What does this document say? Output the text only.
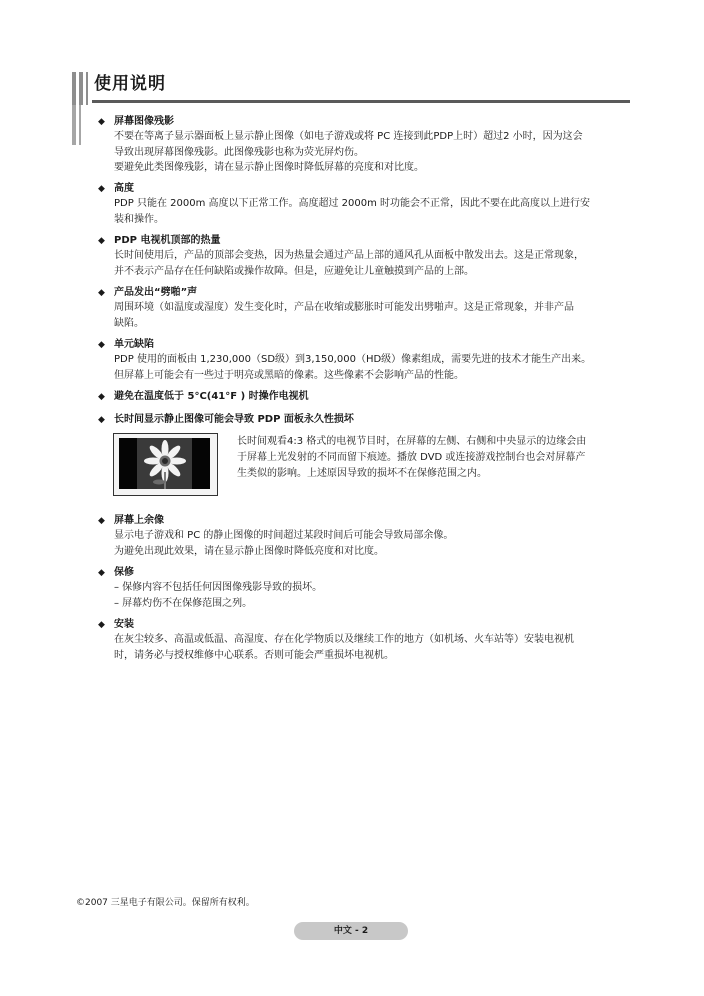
使用说明
◆ 屏幕图像残影
不要在等离子显示器面板上显示静止图像（如电子游戏或将 PC 连接到此PDP上时）超过2 小时，因为这会
导致出现屏幕图像残影。此图像残影也称为荧光屏灼伤。
要避免此类图像残影，请在显示静止图像时降低屏幕的亮度和对比度。
◆ 高度
PDP 只能在 2000m 高度以下正常工作。高度超过 2000m 时功能会不正常，因此不要在此高度以上进行安
装和操作。
◆ PDP 电视机顶部的热量
长时间使用后，产品的顶部会变热，因为热量会通过产品上部的通风孔从面板中散发出去。这是正常现象，
并不表示产品存在任何缺陷或操作故障。但是，应避免让儿童触摸到产品的上部。
◆ 产品发出“劈啪”声
周围环境（如温度或湿度）发生变化时，产品在收缩或膨胀时可能发出劈啪声。这是正常现象，并非产品
缺陷。
◆ 单元缺陷
PDP 使用的面板由 1,230,000（SD级）到3,150,000（HD级）像素组成，需要先进的技术才能生产出来。
但屏幕上可能会有一些过于明亮或黑暗的像素。这些像素不会影响产品的性能。
◆ 避免在温度低于 5°C(41°F ) 时操作电视机
◆ 长时间显示静止图像可能会导致 PDP 面板永久性损坏
长时间观看4:3 格式的电视节目时，在屏幕的左侧、右侧和中央显示的边缘会由
于屏幕上光发射的不同而留下痕迹。播放 DVD 或连接游戏控制台也会对屏幕产
生类似的影响。上述原因导致的损坏不在保修范围之内。
◆ 屏幕上余像
显示电子游戏和 PC 的静止图像的时间超过某段时间后可能会导致局部余像。
为避免出现此效果，请在显示静止图像时降低亮度和对比度。
◆ 保修
– 保修内容不包括任何因图像残影导致的损坏。
– 屏幕灼伤不在保修范围之列。
◆ 安装
在灰尘较多、高温或低温、高湿度、存在化学物质以及继续工作的地方（如机场、火车站等）安装电视机
时，请务必与授权维修中心联系。否则可能会严重损坏电视机。
©2007 三星电子有限公司。保留所有权利。
中文 - 2
